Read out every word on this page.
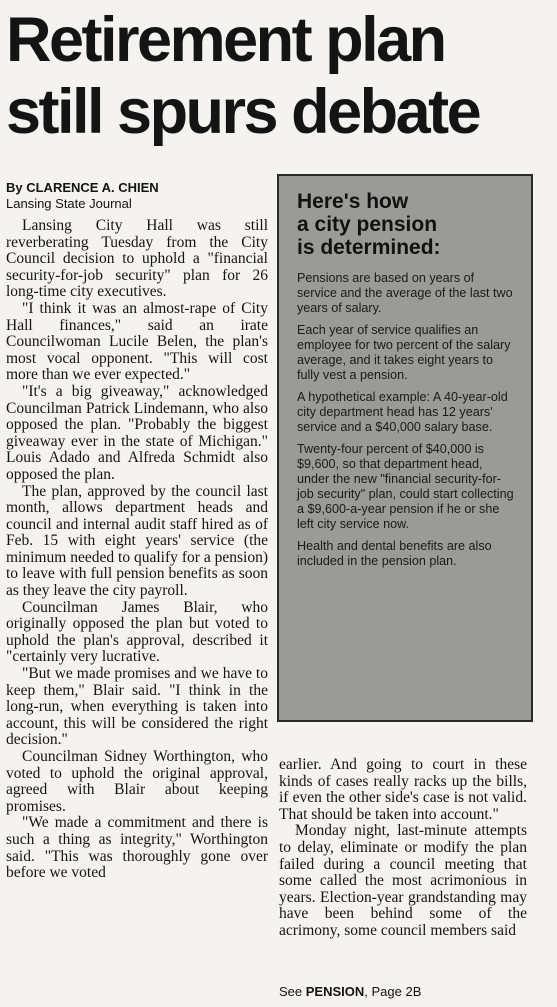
Retirement plan
still spurs debate
By CLARENCE A. CHIEN
Lansing State Journal

Lansing City Hall was still reverberating Tuesday from the City Council decision to uphold a "financial security-for-job security" plan for 26 long-time city executives.

"I think it was an almost-rape of City Hall finances," said an irate Councilwoman Lucile Belen, the plan's most vocal opponent. "This will cost more than we ever expected."

"It's a big giveaway," acknowledged Councilman Patrick Lindemann, who also opposed the plan. "Probably the biggest giveaway ever in the state of Michigan." Louis Adado and Alfreda Schmidt also opposed the plan.

The plan, approved by the council last month, allows department heads and council and internal audit staff hired as of Feb. 15 with eight years' service (the minimum needed to qualify for a pension) to leave with full pension benefits as soon as they leave the city payroll.

Councilman James Blair, who originally opposed the plan but voted to uphold the plan's approval, described it "certainly very lucrative.

"But we made promises and we have to keep them," Blair said. "I think in the long-run, when everything is taken into account, this will be considered the right decision."

Councilman Sidney Worthington, who voted to uphold the original approval, agreed with Blair about keeping promises.

"We made a commitment and there is such a thing as integrity," Worthington said. "This was thoroughly gone over before we voted

Here's how
a city pension
is determined:

Pensions are based on years of service and the average of the last two years of salary.

Each year of service qualifies an employee for two percent of the salary average, and it takes eight years to fully vest a pension.

A hypothetical example: A 40-year-old city department head has 12 years' service and a $40,000 salary base.

Twenty-four percent of $40,000 is $9,600, so that department head, under the new "financial security-for-job security" plan, could start collecting a $9,600-a-year pension if he or she left city service now.

Health and dental benefits are also included in the pension plan.

earlier. And going to court in these kinds of cases really racks up the bills, if even the other side's case is not valid. That should be taken into account."

Monday night, last-minute attempts to delay, eliminate or modify the plan failed during a council meeting that some called the most acrimonious in years. Election-year grandstanding may have been behind some of the acrimony, some council members said

See PENSION, Page 2B
